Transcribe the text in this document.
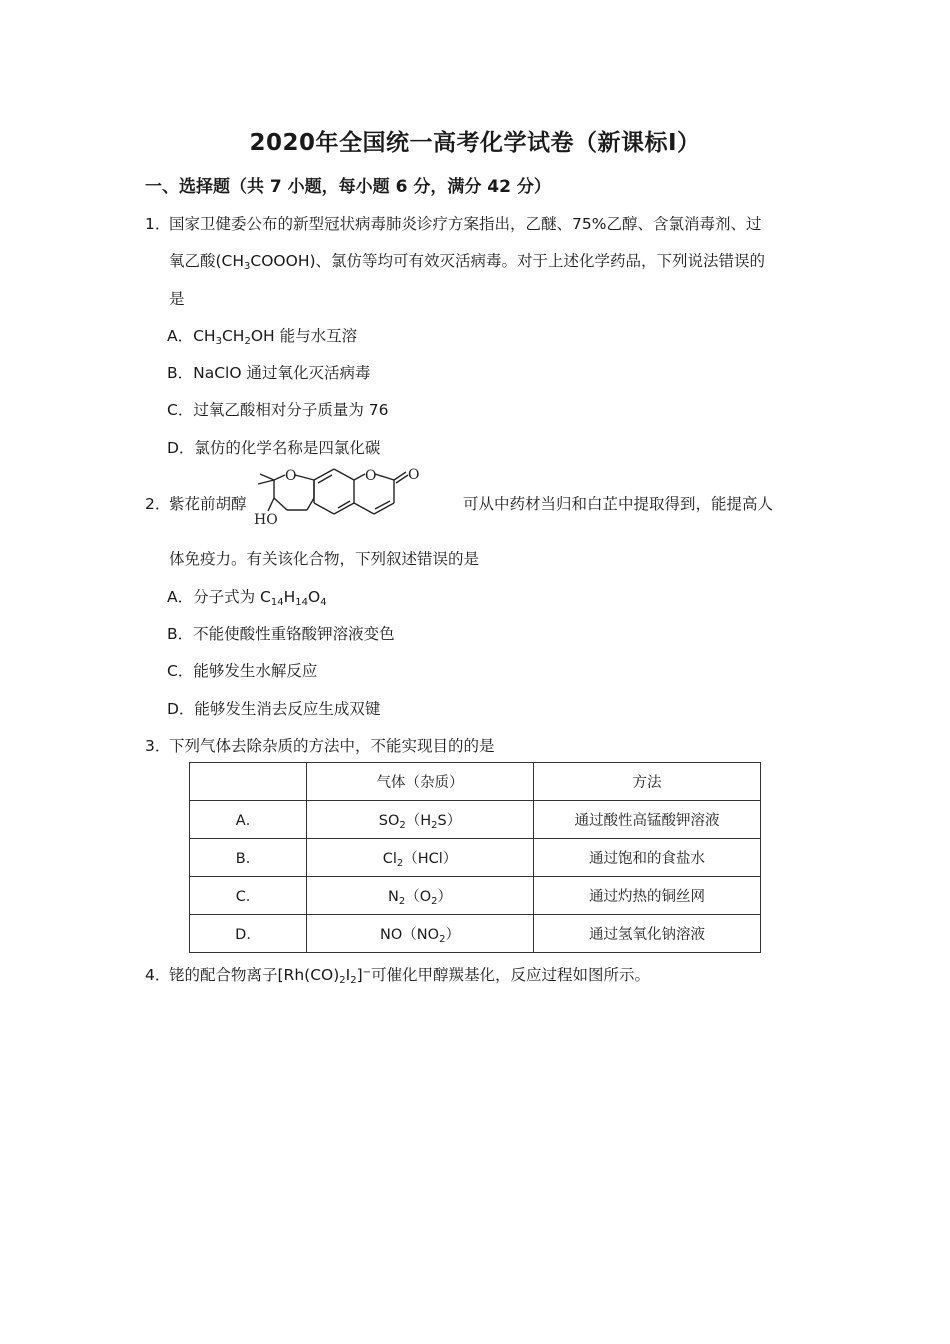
2020年全国统一高考化学试卷（新课标Ⅰ）
一、选择题（共 7 小题，每小题 6 分，满分 42 分）
1．
国家卫健委公布的新型冠状病毒肺炎诊疗方案指出，乙醚、75%乙醇、含氯消毒剂、过
氧乙酸$(CH_3COOOH)$、氯仿等均可有效灭活病毒。对于上述化学药品，下列说法错误的
是
A．$CH_3CH_2OH$ 能与水互溶
B．NaClO 通过氧化灭活病毒
C．过氧乙酸相对分子质量为 76
D．氯仿的化学名称是四氯化碳
2．
紫花前胡醇
O	O O
HO
可从中药材当归和白芷中提取得到，能提高人
体免疫力。有关该化合物，下列叙述错误的是
A．分子式为 $C_{14}H_{14}O_4$
B．不能使酸性重铬酸钾溶液变色
C．能够发生水解反应
D．能够发生消去反应生成双键
3．
下列气体去除杂质的方法中，不能实现目的的是
	气体（杂质）	方法
A．	$SO_2(H_2S)$	通过酸性高锰酸钾溶液
B．	$Cl_2(HCl)$	通过饱和的食盐水
C．	$N_2(O_2)$	通过灼热的铜丝网
D．	$NO(NO_2)$	通过氢氧化钠溶液
4．
铑的配合物离子$[Rh(CO)_2I_2]^-$可催化甲醇羰基化，反应过程如图所示。
